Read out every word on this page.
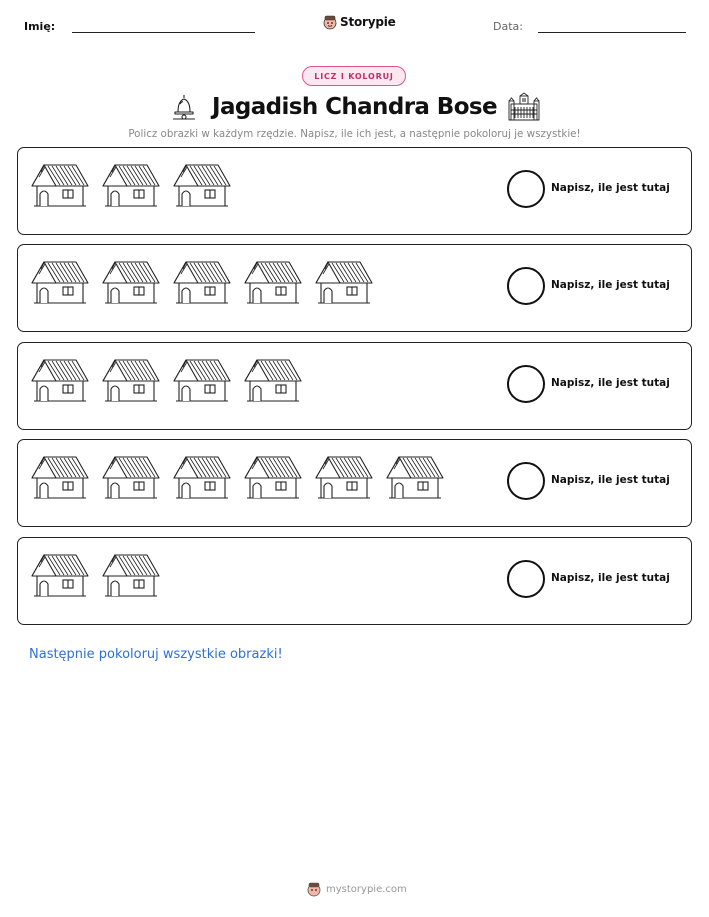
Imię:	Storypie	Data:
LICZ I KOLORUJ
Jagadish Chandra Bose
Policz obrazki w każdym rzędzie. Napisz, ile ich jest, a następnie pokoloruj je wszystkie!
Napisz, ile jest tutaj
Napisz, ile jest tutaj
Napisz, ile jest tutaj
Napisz, ile jest tutaj
Napisz, ile jest tutaj
Następnie pokoloruj wszystkie obrazki!
mystorypie.com
